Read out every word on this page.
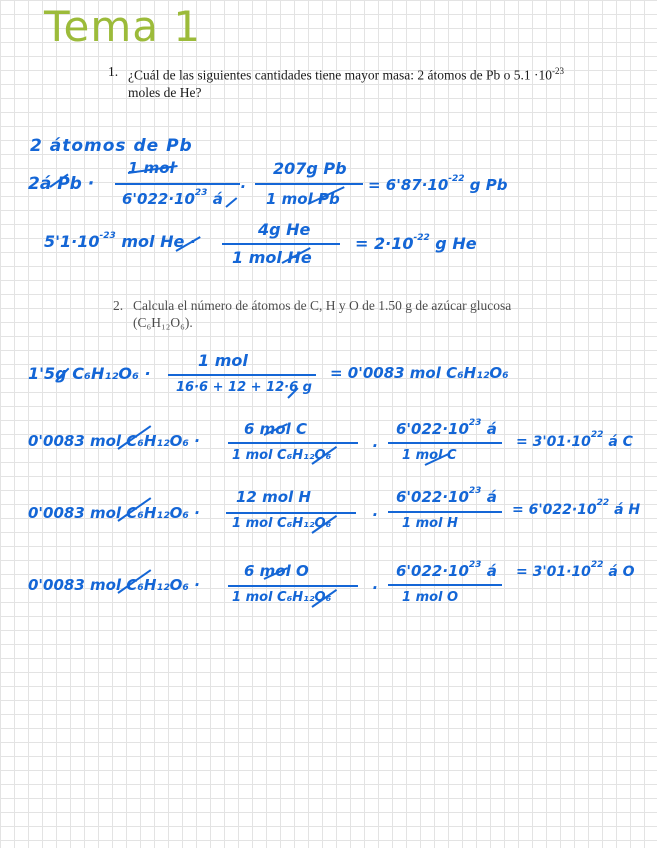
Tema 1
1. ¿Cuál de las siguientes cantidades tiene mayor masa: 2 átomos de Pb o $5.1 \cdot 10^{-23}$
moles de He?
2 átomos de Pb
2á Pb ·
1 mol
$6'022\cdot 10^{23}$ á
·
207g Pb
1 mol Pb
= $6'87\cdot 10^{-22}$ g Pb
$5'1\cdot 10^{-23}$ mol He ·
4g He
1 mol He
= $2\cdot 10^{-22}$ g He
2. Calcula el número de átomos de C, H y O de 1.50 g de azúcar glucosa
(C₆H₁₂O₆).
1'5g C₆H₁₂O₆ ·
1 mol
16·6 + 12 + 12·6 g
= 0'0083 mol C₆H₁₂O₆
0'0083 mol C₆H₁₂O₆ ·
6 mol C
1 mol C₆H₁₂O₆
·
$6'022\cdot 10^{23}$ á
1 mol C
= $3'01\cdot 10^{22}$ á C
0'0083 mol C₆H₁₂O₆ ·
12 mol H
1 mol C₆H₁₂O₆	·
$6'022\cdot 10^{23}$ á
1 mol H
= $6'022\cdot 10^{22}$ á H
0'0083 mol C₆H₁₂O₆ ·
6 mol O
1 mol C₆H₁₂O₆
·
$6'022\cdot 10^{23}$ á
1 mol O
= $3'01\cdot 10^{22}$ á O
